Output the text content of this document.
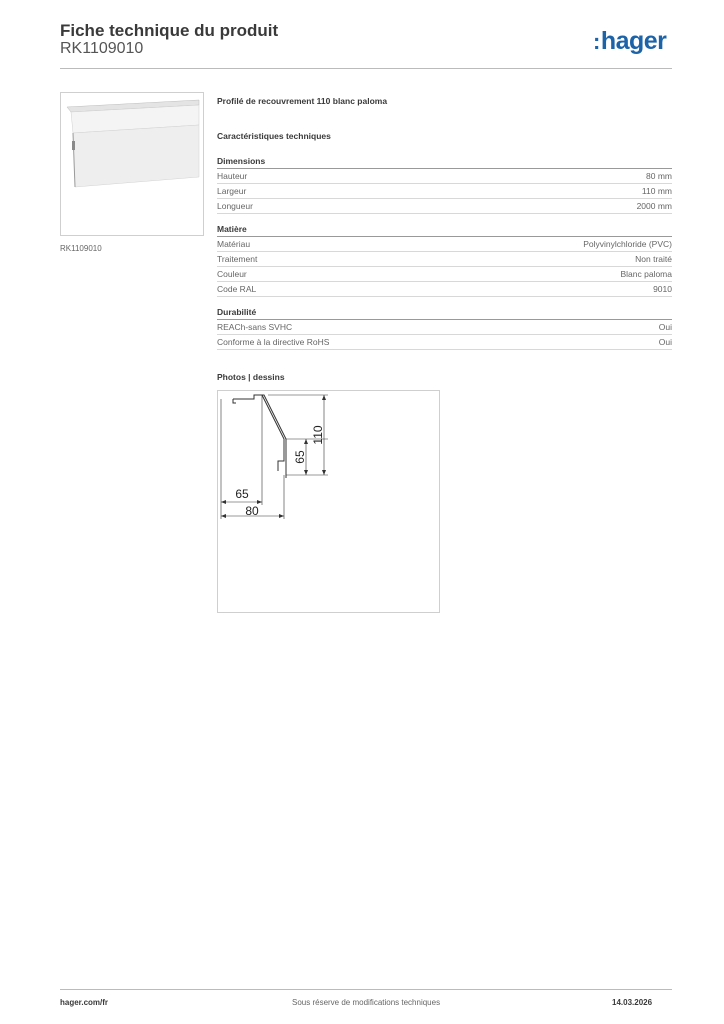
Fiche technique du produit
RK1109010	:hager
RK1109010
Profilé de recouvrement 110 blanc paloma
Caractéristiques techniques
Dimensions
Hauteur	80 mm
Largeur	110 mm
Longueur	2000 mm
Matière
Matériau	Polyvinylchloride (PVC)
Traitement	Non traité
Couleur	Blanc paloma
Code RAL	9010
Durabilité
REACh-sans SVHC	Oui
Conforme à la directive RoHS	Oui
Photos | dessins
110
65
65
80
hager.com/fr	Sous réserve de modifications techniques	14.03.2026
